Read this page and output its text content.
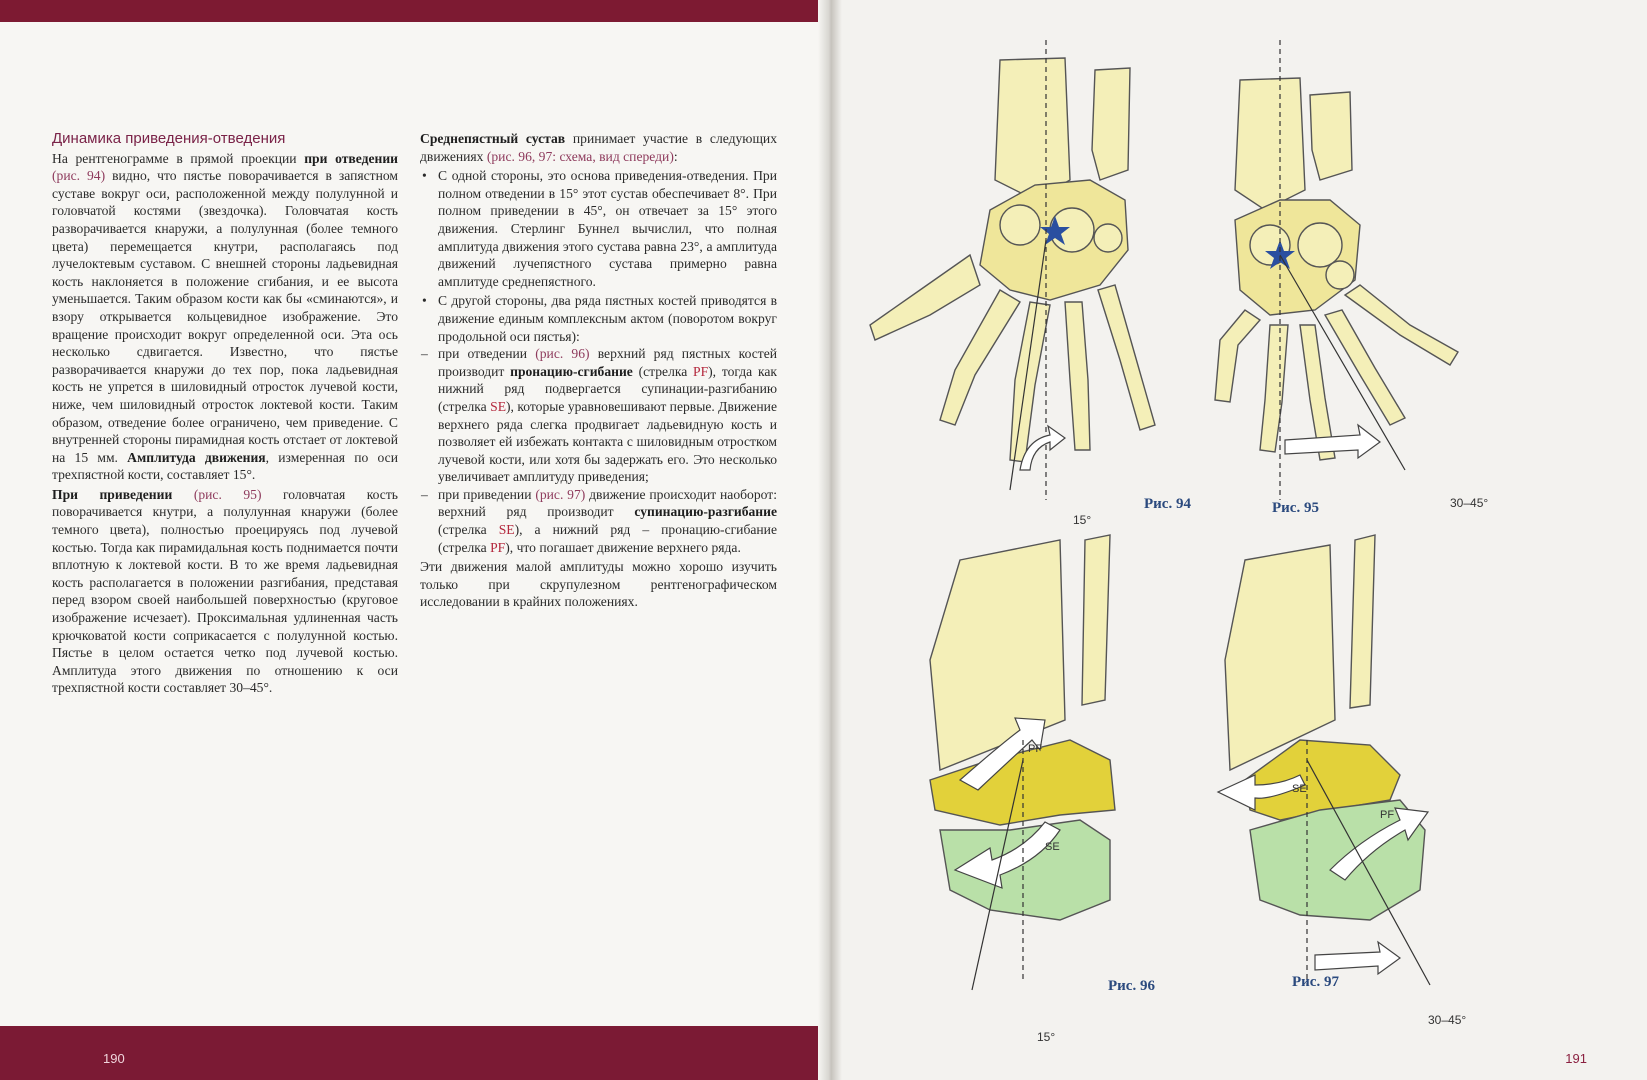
Динамика приведения-отведения

На рентгенограмме в прямой проекции при отведении (рис. 94) видно, что пястье поворачивается в запястном суставе вокруг оси, расположенной между полулунной и головчатой костями (звездочка). Головчатая кость разворачивается кнаружи, а полулунная (более темного цвета) перемещается кнутри, располагаясь под лучелоктевым суставом. С внешней стороны ладьевидная кость наклоняется в положение сгибания, и ее высота уменьшается. Таким образом кости как бы «сминаются», и взору открывается кольцевидное изображение. Это вращение происходит вокруг определенной оси. Эта ось несколько сдвигается. Известно, что пястье разворачивается кнаружи до тех пор, пока ладьевидная кость не упрется в шиловидный отросток лучевой кости, ниже, чем шиловидный отросток локтевой кости. Таким образом, отведение более ограничено, чем приведение. С внутренней стороны пирамидная кость отстает от локтевой на 15 мм. Амплитуда движения, измеренная по оси трехпястной кости, составляет 15°.

При приведении (рис. 95) головчатая кость поворачивается кнутри, а полулунная кнаружи (более темного цвета), полностью проецируясь под лучевой костью. Тогда как пирамидальная кость поднимается почти вплотную к локтевой кости. В то же время ладьевидная кость располагается в положении разгибания, представая перед взором своей наибольшей поверхностью (круговое изображение исчезает). Проксимальная удлиненная часть крючковатой кости соприкасается с полулунной костью. Пястье в целом остается четко под лучевой костью. Амплитуда этого движения по отношению к оси трехпястной кости составляет 30–45°.

Среднепястный сустав принимает участие в следующих движениях (рис. 96, 97: схема, вид спереди):

• С одной стороны, это основа приведения-отведения. При полном отведении в 15° этот сустав обеспечивает 8°. При полном приведении в 45°, он отвечает за 15° этого движения. Стерлинг Буннел вычислил, что полная амплитуда движения этого сустава равна 23°, а амплитуда движений лучепястного сустава примерно равна амплитуде среднепястного.
• С другой стороны, два ряда пястных костей приводятся в движение единым комплексным актом (поворотом вокруг продольной оси пястья):
– при отведении (рис. 96) верхний ряд пястных костей производит пронацию-сгибание (стрелка PF), тогда как нижний ряд подвергается супинации-разгибанию (стрелка SE), которые уравновешивают первые. Движение верхнего ряда слегка продвигает ладьевидную кость и позволяет ей избежать контакта с шиловидным отростком лучевой кости, или хотя бы задержать его. Это несколько увеличивает амплитуду приведения;
– при приведении (рис. 97) движение происходит наоборот: верхний ряд производит супинацию-разгибание (стрелка SE), а нижний ряд – пронацию-сгибание (стрелка PF), что погашает движение верхнего ряда.

Эти движения малой амплитуды можно хорошо изучить только при скрупулезном рентгенографическом исследовании в крайних положениях.

190	191
PF
SE
SE
PF
Рис. 94
15°
Рис. 95	30–45°
Рис. 96
15°
Рис. 97
30–45°
